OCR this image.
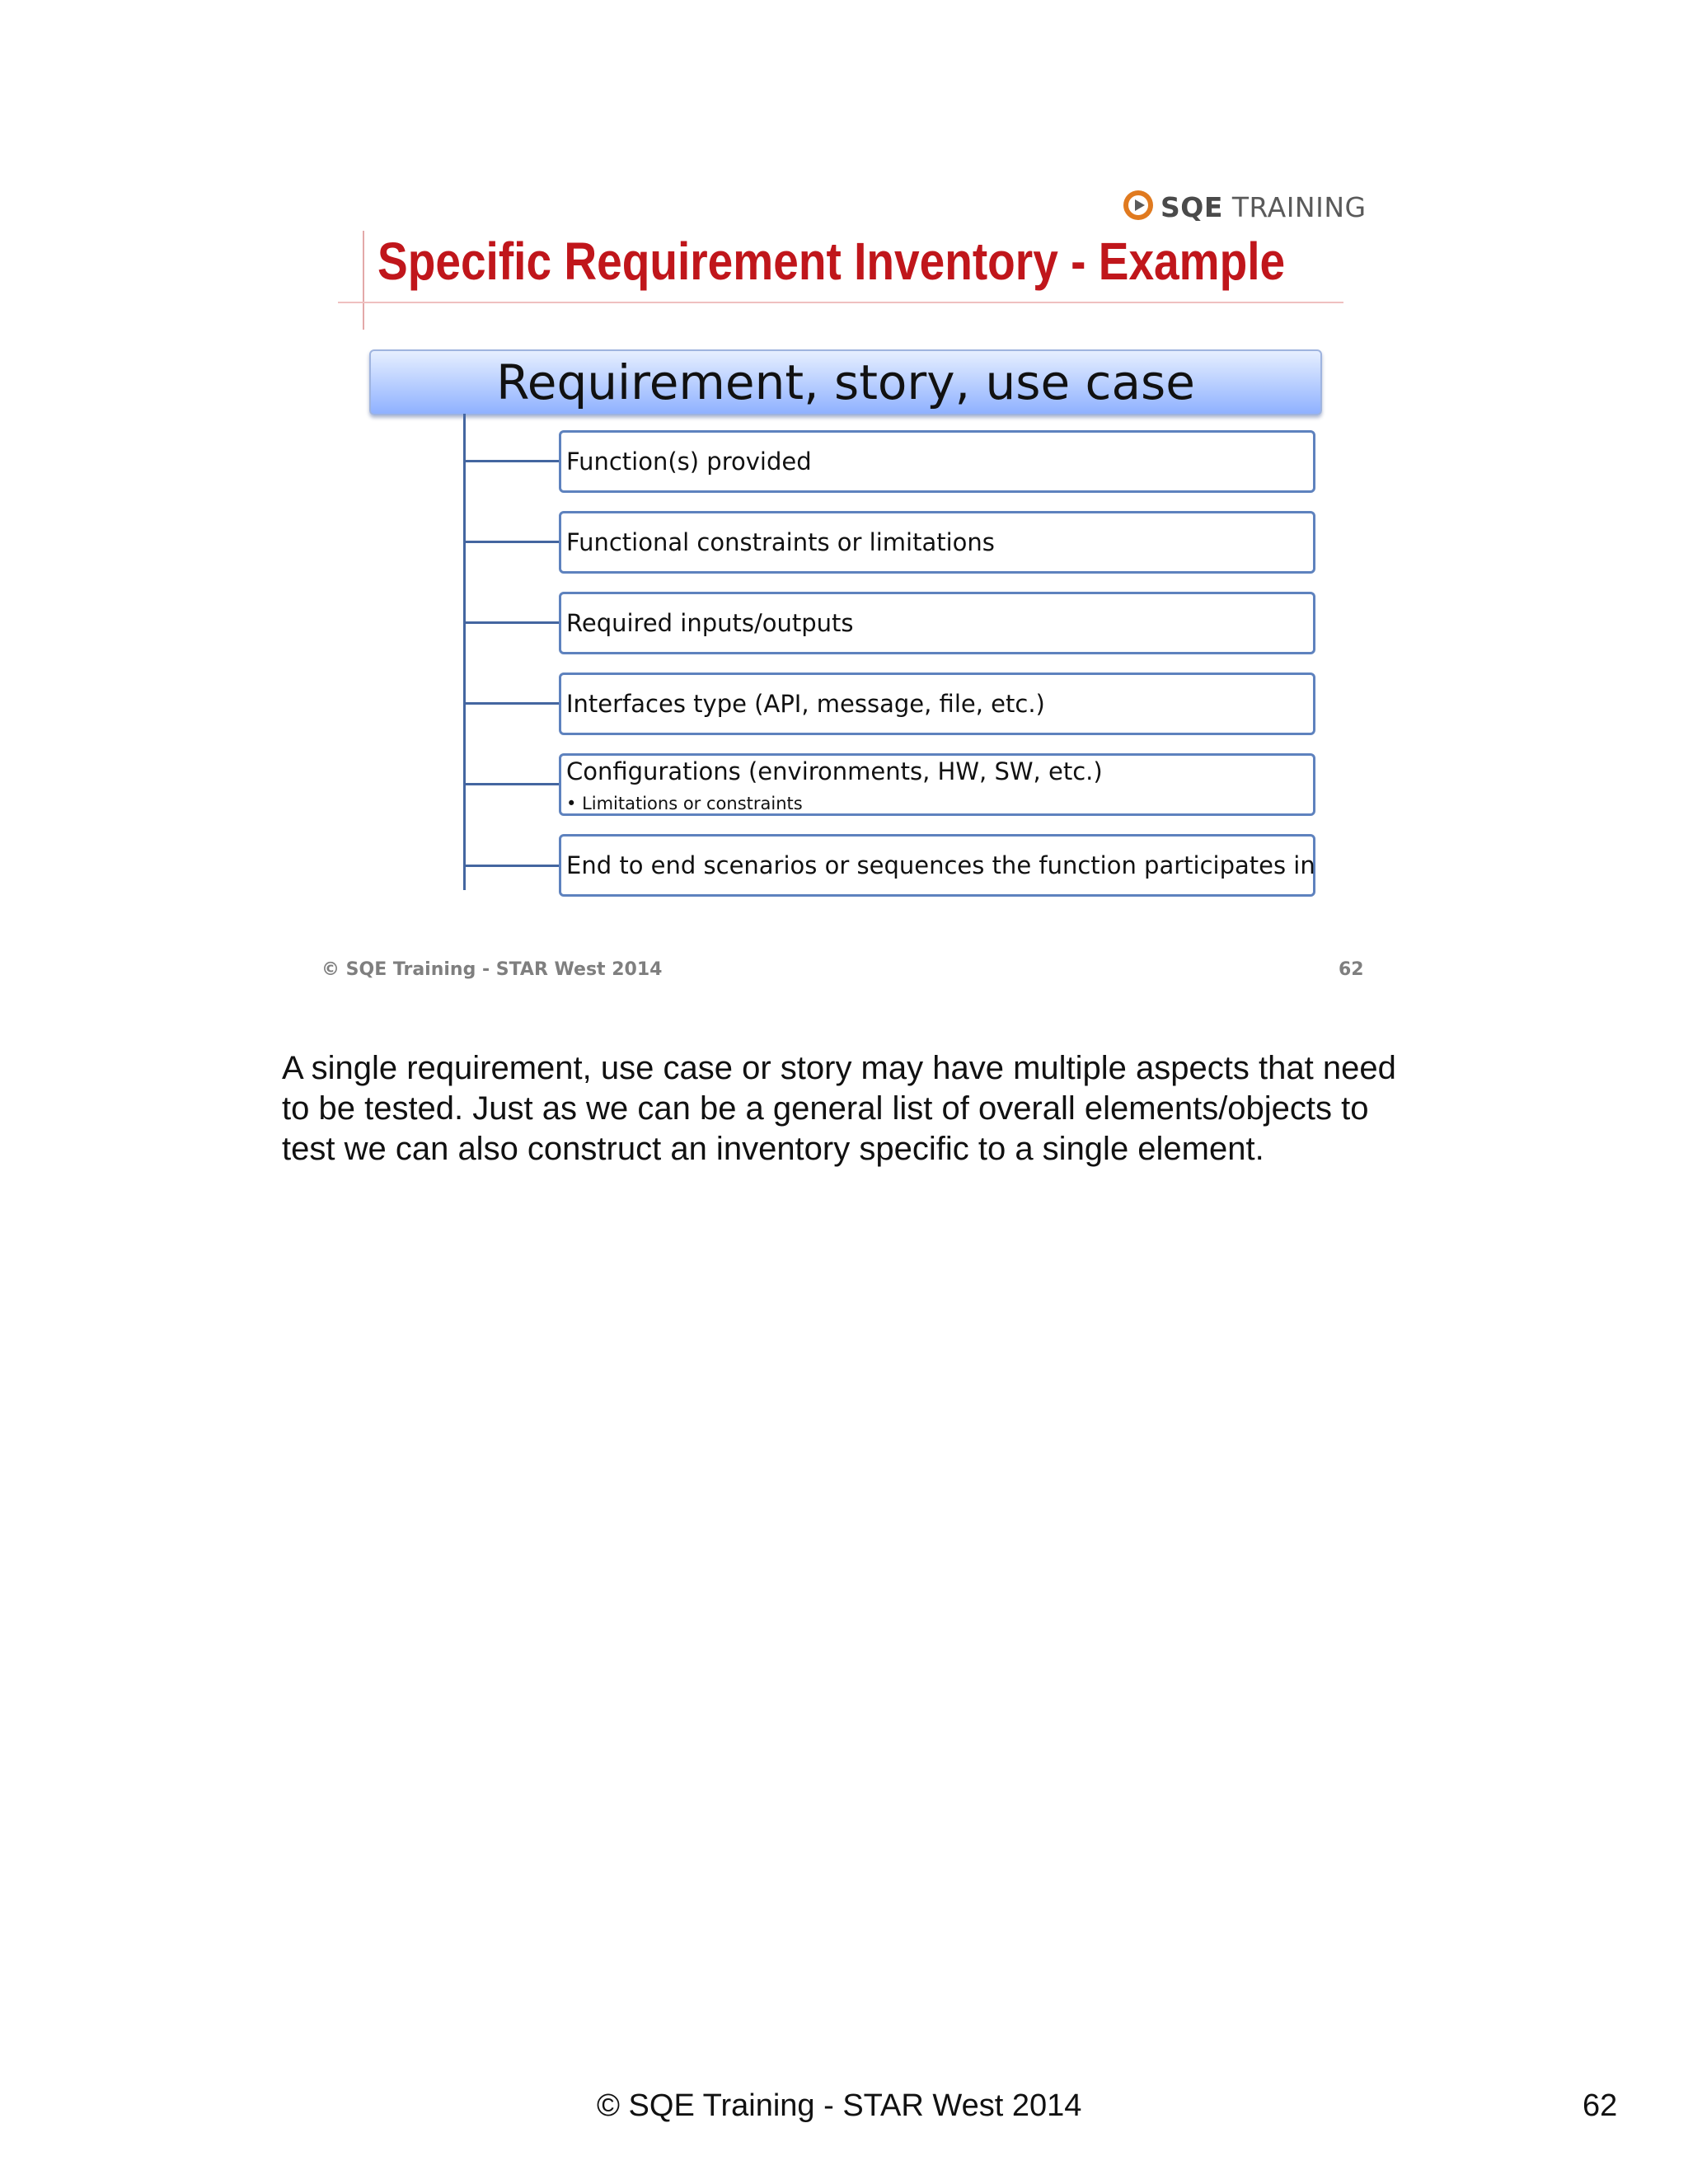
SQE TRAINING
Specific Requirement Inventory - Example
Requirement, story, use case
Function(s) provided
Functional constraints or limitations
Required inputs/outputs
Interfaces type (API, message, file, etc.)
Configurations (environments, HW, SW, etc.)
• Limitations or constraints
End to end scenarios or sequences the function participates in
© SQE Training - STAR West 2014	62

A single requirement, use case or story may have multiple aspects that need

to be tested. Just as we can be a general list of overall elements/objects to

test we can also construct an inventory specific to a single element.

© SQE Training - STAR West 2014	62
